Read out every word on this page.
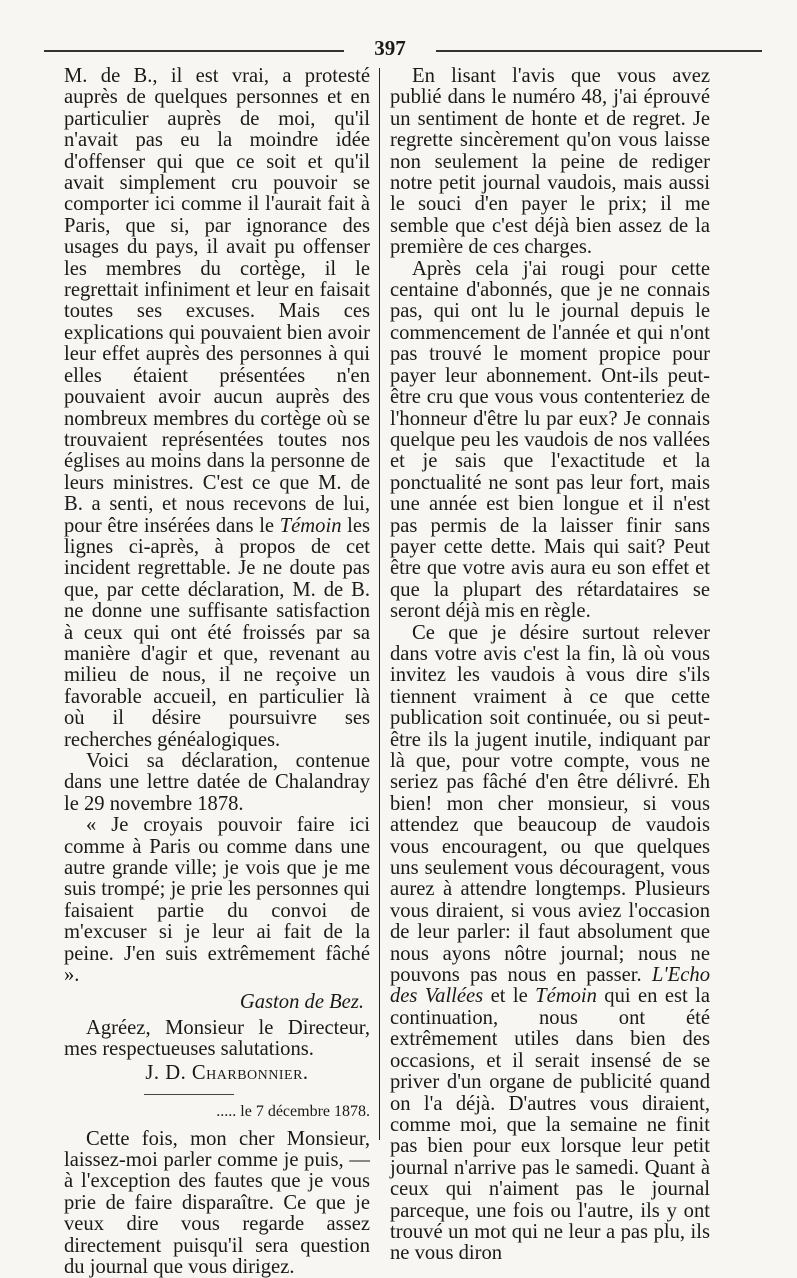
397

M. de B., il est vrai, a protesté auprès de quelques personnes et en particulier auprès de moi, qu'il n'avait pas eu la moindre idée d'offenser qui que ce soit et qu'il avait simplement cru pouvoir se comporter ici comme il l'aurait fait à Paris, que si, par ignorance des usages du pays, il avait pu offenser les membres du cortège, il le regrettait infiniment et leur en faisait toutes ses excuses. Mais ces explications qui pouvaient bien avoir leur effet auprès des personnes à qui elles étaient présentées n'en pouvaient avoir aucun auprès des nombreux membres du cortège où se trouvaient représentées toutes nos églises au moins dans la personne de leurs ministres. C'est ce que M. de B. a senti, et nous recevons de lui, pour être insérées dans le Témoin les lignes ci-après, à propos de cet incident regrettable. Je ne doute pas que, par cette déclaration, M. de B. ne donne une suffisante satisfaction à ceux qui ont été froissés par sa manière d'agir et que, revenant au milieu de nous, il ne reçoive un favorable accueil, en particulier là où il désire poursuivre ses recherches généalogiques.

Voici sa déclaration, contenue dans une lettre datée de Chalandray le 29 novembre 1878.

« Je croyais pouvoir faire ici comme à Paris ou comme dans une autre grande ville; je vois que je me suis trompé; je prie les personnes qui faisaient partie du convoi de m'excuser si je leur ai fait de la peine. J'en suis extrêmement fâché ».

Gaston de Bez.

Agréez, Monsieur le Directeur, mes respectueuses salutations.

J. D. Charbonnier.

..... le 7 décembre 1878.

Cette fois, mon cher Monsieur, laissez-moi parler comme je puis, — à l'exception des fautes que je vous prie de faire disparaître. Ce que je veux dire vous regarde assez directement puisqu'il sera question du journal que vous dirigez.

En lisant l'avis que vous avez publié dans le numéro 48, j'ai éprouvé un sentiment de honte et de regret. Je regrette sincèrement qu'on vous laisse non seulement la peine de rediger notre petit journal vaudois, mais aussi le souci d'en payer le prix; il me semble que c'est déjà bien assez de la première de ces charges.

Après cela j'ai rougi pour cette centaine d'abonnés, que je ne connais pas, qui ont lu le journal depuis le commencement de l'année et qui n'ont pas trouvé le moment propice pour payer leur abonnement. Ont-ils peut-être cru que vous vous contenteriez de l'honneur d'être lu par eux? Je connais quelque peu les vaudois de nos vallées et je sais que l'exactitude et la ponctualité ne sont pas leur fort, mais une année est bien longue et il n'est pas permis de la laisser finir sans payer cette dette. Mais qui sait? Peut être que votre avis aura eu son effet et que la plupart des rétardataires se seront déjà mis en règle.

Ce que je désire surtout relever dans votre avis c'est la fin, là où vous invitez les vaudois à vous dire s'ils tiennent vraiment à ce que cette publication soit continuée, ou si peut-être ils la jugent inutile, indiquant par là que, pour votre compte, vous ne seriez pas fâché d'en être délivré. Eh bien! mon cher monsieur, si vous attendez que beaucoup de vaudois vous encouragent, ou que quelques uns seulement vous découragent, vous aurez à attendre longtemps. Plusieurs vous diraient, si vous aviez l'occasion de leur parler: il faut absolument que nous ayons nôtre journal; nous ne pouvons pas nous en passer. L'Echo des Vallées et le Témoin qui en est la continuation, nous ont été extrêmement utiles dans bien des occasions, et il serait insensé de se priver d'un organe de publicité quand on l'a déjà. D'autres vous diraient, comme moi, que la semaine ne finit pas bien pour eux lorsque leur petit journal n'arrive pas le samedi. Quant à ceux qui n'aiment pas le journal parceque, une fois ou l'autre, ils y ont trouvé un mot qui ne leur a pas plu, ils ne vous diron
